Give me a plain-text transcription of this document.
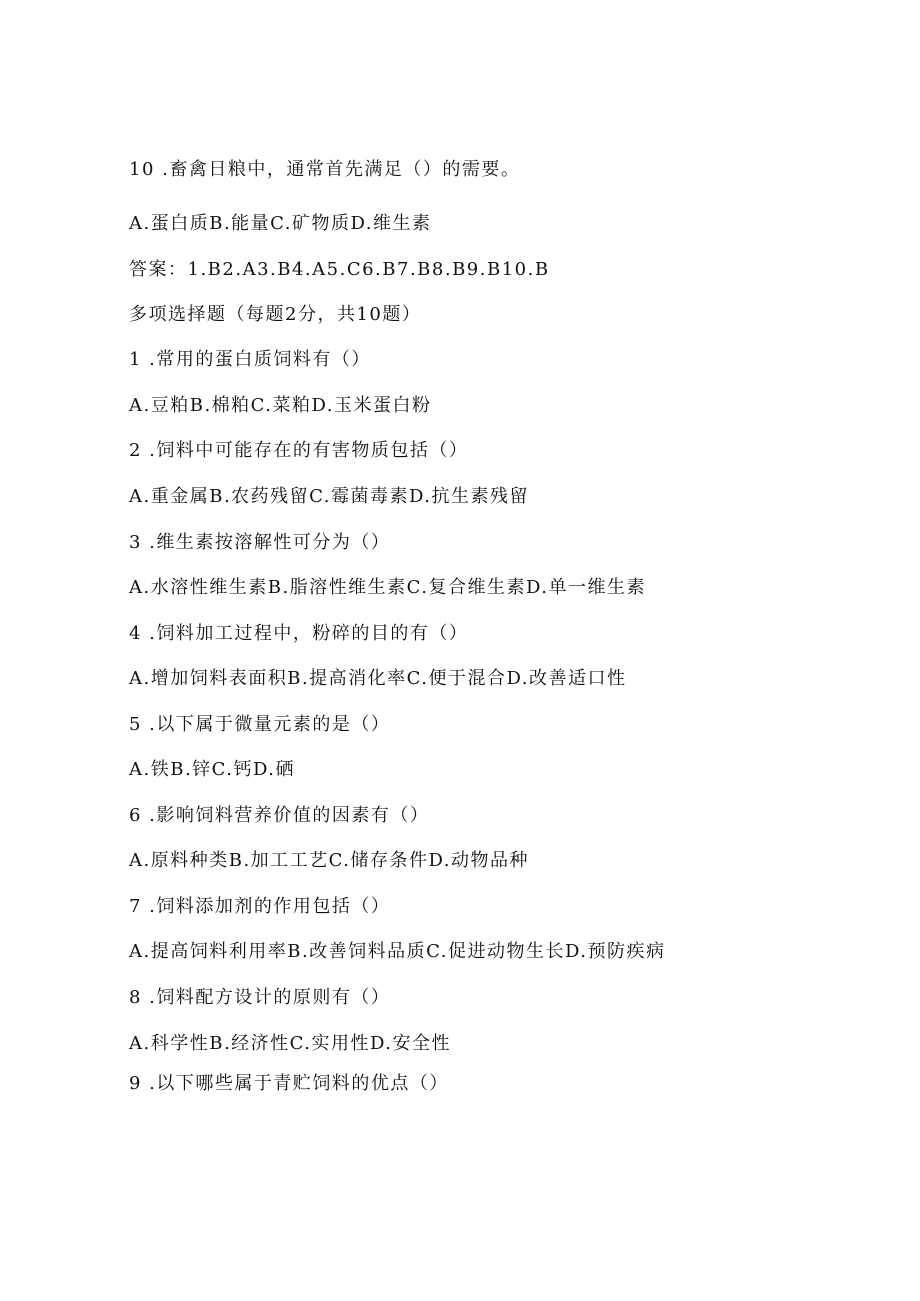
10 .畜禽日粮中，通常首先满足（）的需要。
A.蛋白质B.能量C.矿物质D.维生素
答案：1.B2.A3.B4.A5.C6.B7.B8.B9.B10.B
多项选择题（每题2分，共10题）
1 .常用的蛋白质饲料有（）
A.豆粕B.棉粕C.菜粕D.玉米蛋白粉
2 .饲料中可能存在的有害物质包括（）
A.重金属B.农药残留C.霉菌毒素D.抗生素残留
3 .维生素按溶解性可分为（）
A.水溶性维生素B.脂溶性维生素C.复合维生素D.单一维生素
4 .饲料加工过程中，粉碎的目的有（）
A.增加饲料表面积B.提高消化率C.便于混合D.改善适口性
5 .以下属于微量元素的是（）
A.铁B.锌C.钙D.硒
6 .影响饲料营养价值的因素有（）
A.原料种类B.加工工艺C.储存条件D.动物品种
7 .饲料添加剂的作用包括（）
A.提高饲料利用率B.改善饲料品质C.促进动物生长D.预防疾病
8 .饲料配方设计的原则有（）
A.科学性B.经济性C.实用性D.安全性
9 .以下哪些属于青贮饲料的优点（）
